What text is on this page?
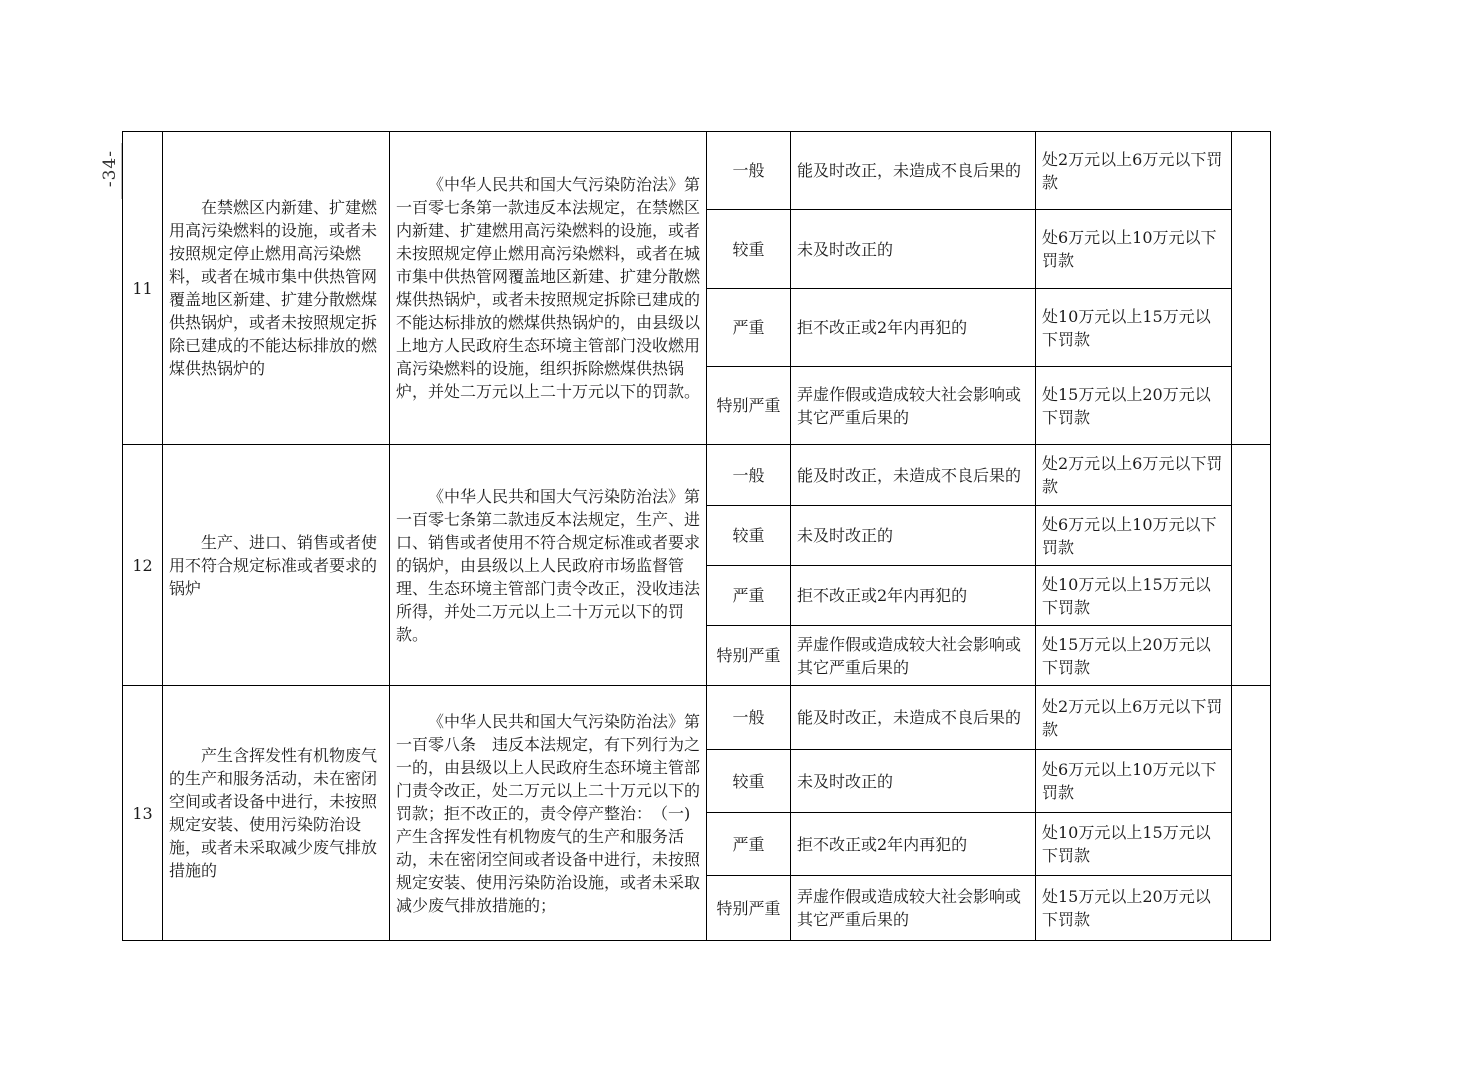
-34-
11	在禁燃区内新建、扩建燃用高污染燃料的设施，或者未按照规定停止燃用高污染燃料，或者在城市集中供热管网覆盖地区新建、扩建分散燃煤供热锅炉，或者未按照规定拆除已建成的不能达标排放的燃煤供热锅炉的	《中华人民共和国大气污染防治法》第一百零七条第一款违反本法规定，在禁燃区内新建、扩建燃用高污染燃料的设施，或者未按照规定停止燃用高污染燃料，或者在城市集中供热管网覆盖地区新建、扩建分散燃煤供热锅炉，或者未按照规定拆除已建成的不能达标排放的燃煤供热锅炉的，由县级以上地方人民政府生态环境主管部门没收燃用高污染燃料的设施，组织拆除燃煤供热锅炉，并处二万元以上二十万元以下的罚款。	一般	能及时改正，未造成不良后果的	处2万元以上6万元以下罚款	
			较重	未及时改正的	处6万元以上10万元以下罚款	
			严重	拒不改正或2年内再犯的	处10万元以上15万元以下罚款	
			特别严重	弄虚作假或造成较大社会影响或其它严重后果的	处15万元以上20万元以下罚款	
12	生产、进口、销售或者使用不符合规定标准或者要求的锅炉	《中华人民共和国大气污染防治法》第一百零七条第二款违反本法规定，生产、进口、销售或者使用不符合规定标准或者要求的锅炉，由县级以上人民政府市场监督管理、生态环境主管部门责令改正，没收违法所得，并处二万元以上二十万元以下的罚款。	一般	能及时改正，未造成不良后果的	处2万元以上6万元以下罚款	
			较重	未及时改正的	处6万元以上10万元以下罚款	
			严重	拒不改正或2年内再犯的	处10万元以上15万元以下罚款	
			特别严重	弄虚作假或造成较大社会影响或其它严重后果的	处15万元以上20万元以下罚款	
13	产生含挥发性有机物废气的生产和服务活动，未在密闭空间或者设备中进行，未按照规定安装、使用污染防治设施，或者未采取减少废气排放措施的	《中华人民共和国大气污染防治法》第一百零八条　违反本法规定，有下列行为之一的，由县级以上人民政府生态环境主管部门责令改正，处二万元以上二十万元以下的罚款；拒不改正的，责令停产整治：　（一)产生含挥发性有机物废气的生产和服务活动，未在密闭空间或者设备中进行，未按照规定安装、使用污染防治设施，或者未采取减少废气排放措施的；	一般	能及时改正，未造成不良后果的	处2万元以上6万元以下罚款	
			较重	未及时改正的	处6万元以上10万元以下罚款	
			严重	拒不改正或2年内再犯的	处10万元以上15万元以下罚款	
			特别严重	弄虚作假或造成较大社会影响或其它严重后果的	处15万元以上20万元以下罚款	
